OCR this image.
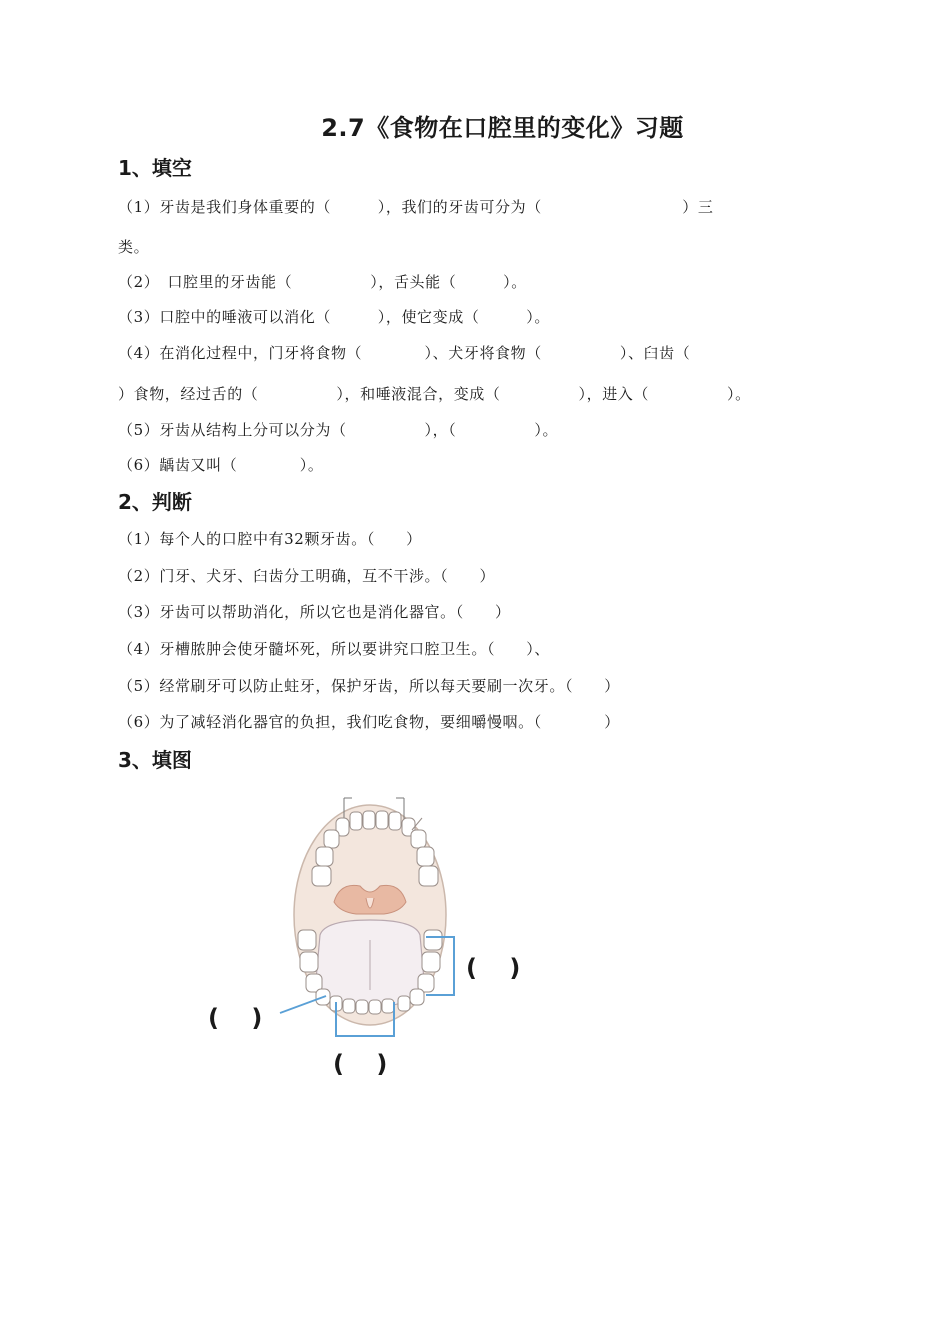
2.7《食物在口腔里的变化》习题
1、填空
（1）牙齿是我们身体重要的（　　　），我们的牙齿可分为（　　　　　　　　　）三
类。
（2）　口腔里的牙齿能（　　　　　），舌头能（　　　）。
（3）口腔中的唾液可以消化（　　　），使它变成（　　　）。
（4）在消化过程中，门牙将食物（　　　　）、犬牙将食物（　　　　　）、臼齿（
）食物，经过舌的（　　　　　），和唾液混合，变成（　　　　　），进入（　　　　　）。
（5）牙齿从结构上分可以分为（　　　　　），（　　　　　）。
（6）龋齿又叫（　　　　）。
2、判断
（1）每个人的口腔中有32颗牙齿。（　　）
（2）门牙、犬牙、臼齿分工明确，互不干涉。（　　）
（3）牙齿可以帮助消化，所以它也是消化器官。（　　）
（4）牙槽脓肿会使牙髓坏死，所以要讲究口腔卫生。（　　）、
（5）经常刷牙可以防止蛀牙，保护牙齿，所以每天要刷一次牙。（　　）
（6）为了减轻消化器官的负担，我们吃食物，要细嚼慢咽。（　　　　）
3、填图
(　 )
(　 )
(　 )
